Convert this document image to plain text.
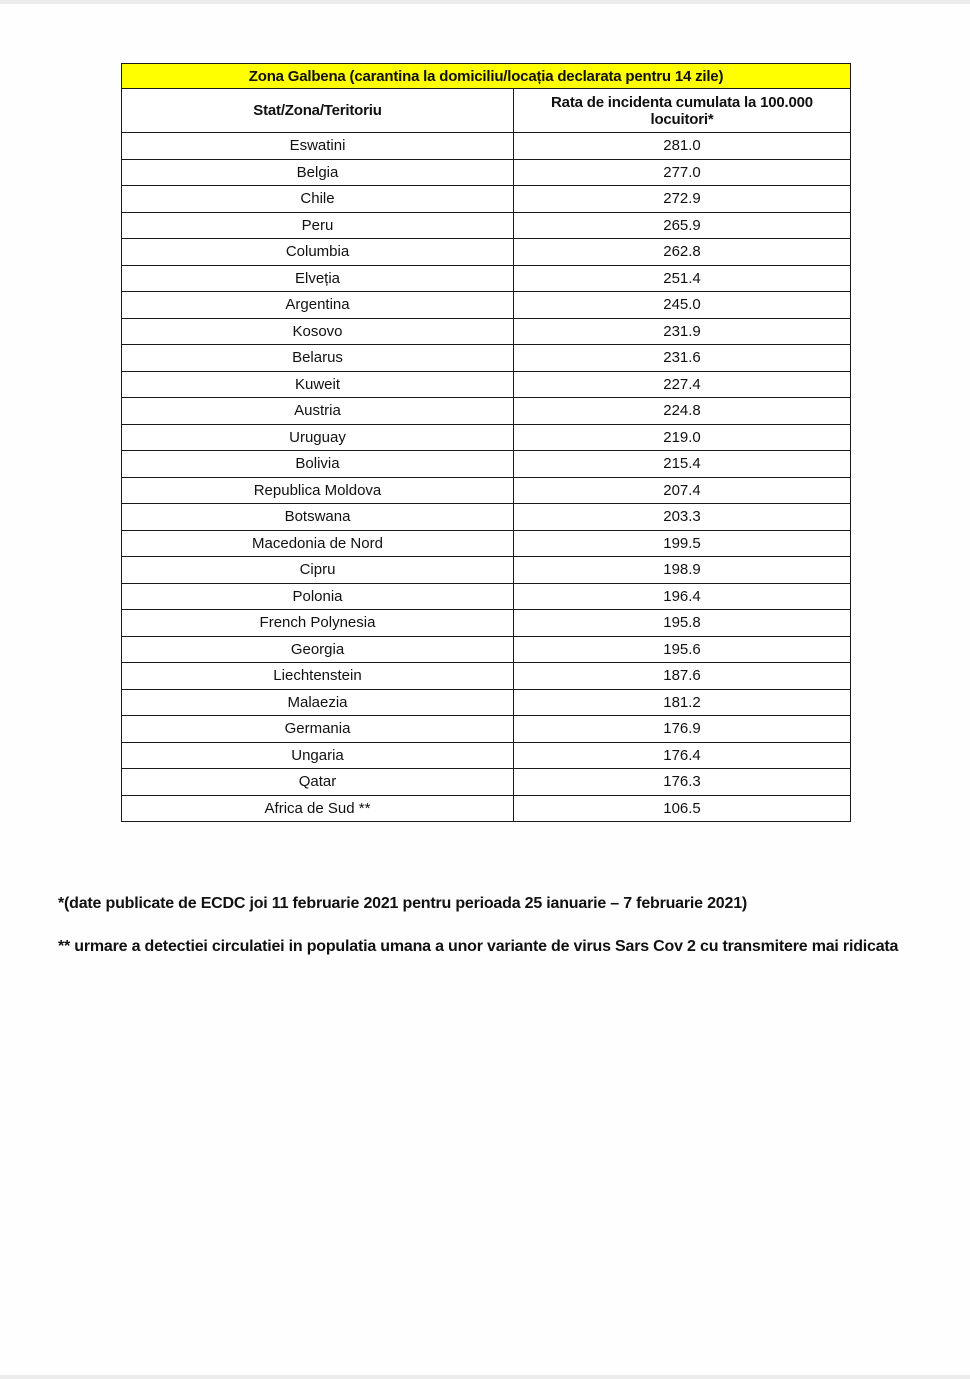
Zona Galbena (carantina la domiciliu/locația declarata pentru 14 zile)	
Stat/Zona/Teritoriu	Rata de incidenta cumulata la 100.000 locuitori*

Eswatini	281.0
Belgia	277.0
Chile	272.9
Peru	265.9
Columbia	262.8
Elveția	251.4
Argentina	245.0
Kosovo	231.9
Belarus	231.6
Kuweit	227.4
Austria	224.8
Uruguay	219.0
Bolivia	215.4
Republica Moldova	207.4
Botswana	203.3
Macedonia de Nord	199.5
Cipru	198.9
Polonia	196.4
French Polynesia	195.8
Georgia	195.6
Liechtenstein	187.6
Malaezia	181.2
Germania	176.9
Ungaria	176.4
Qatar	176.3
Africa de Sud **	106.5

*(date publicate de ECDC joi 11 februarie 2021 pentru perioada 25 ianuarie – 7 februarie 2021)

** urmare a detectiei circulatiei in populatia umana a unor variante de virus Sars Cov 2 cu transmitere mai ridicata
